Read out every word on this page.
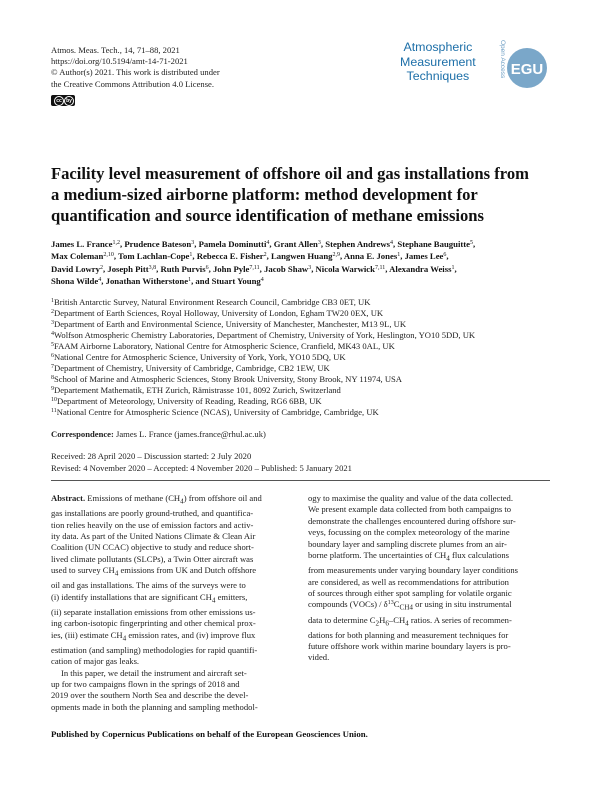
Atmos. Meas. Tech., 14, 71–88, 2021
https://doi.org/10.5194/amt-14-71-2021
© Author(s) 2021. This work is distributed under
the Creative Commons Attribution 4.0 License.
cc by
Atmospheric
Measurement
Techniques	Open Access EGU
Facility level measurement of offshore oil and gas installations from
a medium-sized airborne platform: method development for
quantification and source identification of methane emissions
James L. France$^{1,2}$, Prudence Bateson$^3$, Pamela Dominutti$^4$, Grant Allen$^3$, Stephen Andrews$^4$, Stephane Bauguitte$^5$,
Max Coleman$^{2,10}$, Tom Lachlan-Cope$^1$, Rebecca E. Fisher$^2$, Langwen Huang$^{2,9}$, Anna E. Jones$^1$, James Lee$^6$,
David Lowry$^2$, Joseph Pitt$^{3,8}$, Ruth Purvis$^6$, John Pyle$^{7,11}$, Jacob Shaw$^3$, Nicola Warwick$^{7,11}$, Alexandra Weiss$^1$,
Shona Wilde$^4$, Jonathan Witherstone$^1$, and Stuart Young$^4$
$^1$British Antarctic Survey, Natural Environment Research Council, Cambridge CB3 0ET, UK
$^2$Department of Earth Sciences, Royal Holloway, University of London, Egham TW20 0EX, UK
$^3$Department of Earth and Environmental Science, University of Manchester, Manchester, M13 9L, UK
$^4$Wolfson Atmospheric Chemistry Laboratories, Department of Chemistry, University of York, Heslington, YO10 5DD, UK
$^5$FAAM Airborne Laboratory, National Centre for Atmospheric Science, Cranfield, MK43 0AL, UK
$^6$National Centre for Atmospheric Science, University of York, York, YO10 5DQ, UK
$^7$Department of Chemistry, University of Cambridge, Cambridge, CB2 1EW, UK
$^8$School of Marine and Atmospheric Sciences, Stony Brook University, Stony Brook, NY 11974, USA
$^9$Departement Mathematik, ETH Zurich, Rämistrasse 101, 8092 Zurich, Switzerland
$^{10}$Department of Meteorology, University of Reading, Reading, RG6 6BB, UK
$^{11}$National Centre for Atmospheric Science (NCAS), University of Cambridge, Cambridge, UK
Correspondence: James L. France (james.france@rhul.ac.uk)
Received: 28 April 2020 – Discussion started: 2 July 2020
Revised: 4 November 2020 – Accepted: 4 November 2020 – Published: 5 January 2021
Abstract. Emissions of methane $(CH_4)$ from offshore oil and
gas installations are poorly ground-truthed, and quantifica-
tion relies heavily on the use of emission factors and activ-
ity data. As part of the United Nations Climate & Clean Air
Coalition (UN CCAC) objective to study and reduce short-
lived climate pollutants (SLCPs), a Twin Otter aircraft was
used to survey $CH_4$ emissions from UK and Dutch offshore
oil and gas installations. The aims of the surveys were to
(i) identify installations that are significant $CH_4$ emitters,
(ii) separate installation emissions from other emissions us-
ing carbon-isotopic fingerprinting and other chemical prox-
ies, (iii) estimate $CH_4$ emission rates, and (iv) improve flux
estimation (and sampling) methodologies for rapid quantifi-
cation of major gas leaks.
In this paper, we detail the instrument and aircraft set-
up for two campaigns flown in the springs of 2018 and
2019 over the southern North Sea and describe the devel-
opments made in both the planning and sampling methodol-
ogy to maximise the quality and value of the data collected.
We present example data collected from both campaigns to
demonstrate the challenges encountered during offshore sur-
veys, focussing on the complex meteorology of the marine
boundary layer and sampling discrete plumes from an air-
borne platform. The uncertainties of $CH_4$ flux calculations
from measurements under varying boundary layer conditions
are considered, as well as recommendations for attribution
of sources through either spot sampling for volatile organic
compounds (VOCs) / $\delta^{13}C_{CH4}$ or using in situ instrumental
data to determine $C_2H_6-CH_4$ ratios. A series of recommen-
dations for both planning and measurement techniques for
future offshore work within marine boundary layers is pro-
vided.
Published by Copernicus Publications on behalf of the European Geosciences Union.
